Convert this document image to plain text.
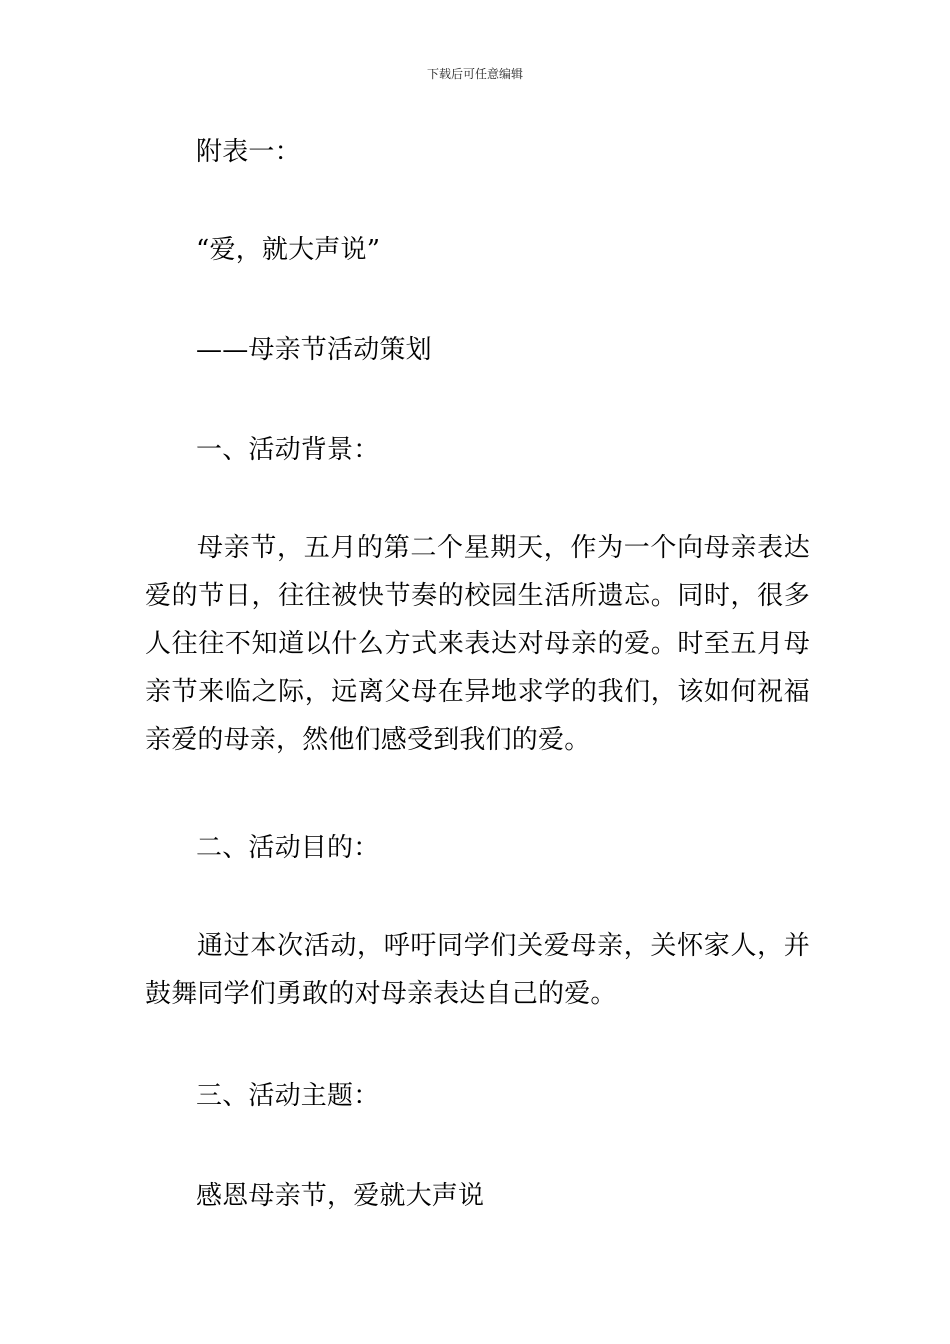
下载后可任意编辑
附表一：
“爱，就大声说”
——母亲节活动策划
一、活动背景：
母亲节，五月的第二个星期天，作为一个向母亲表达爱的节日，往往被快节奏的校园生活所遗忘。同时，很多人往往不知道以什么方式来表达对母亲的爱。时至五月母亲节来临之际，远离父母在异地求学的我们，该如何祝福亲爱的母亲，然他们感受到我们的爱。
二、活动目的：
通过本次活动，呼吁同学们关爱母亲，关怀家人，并鼓舞同学们勇敢的对母亲表达自己的爱。
三、活动主题：
感恩母亲节，爱就大声说
